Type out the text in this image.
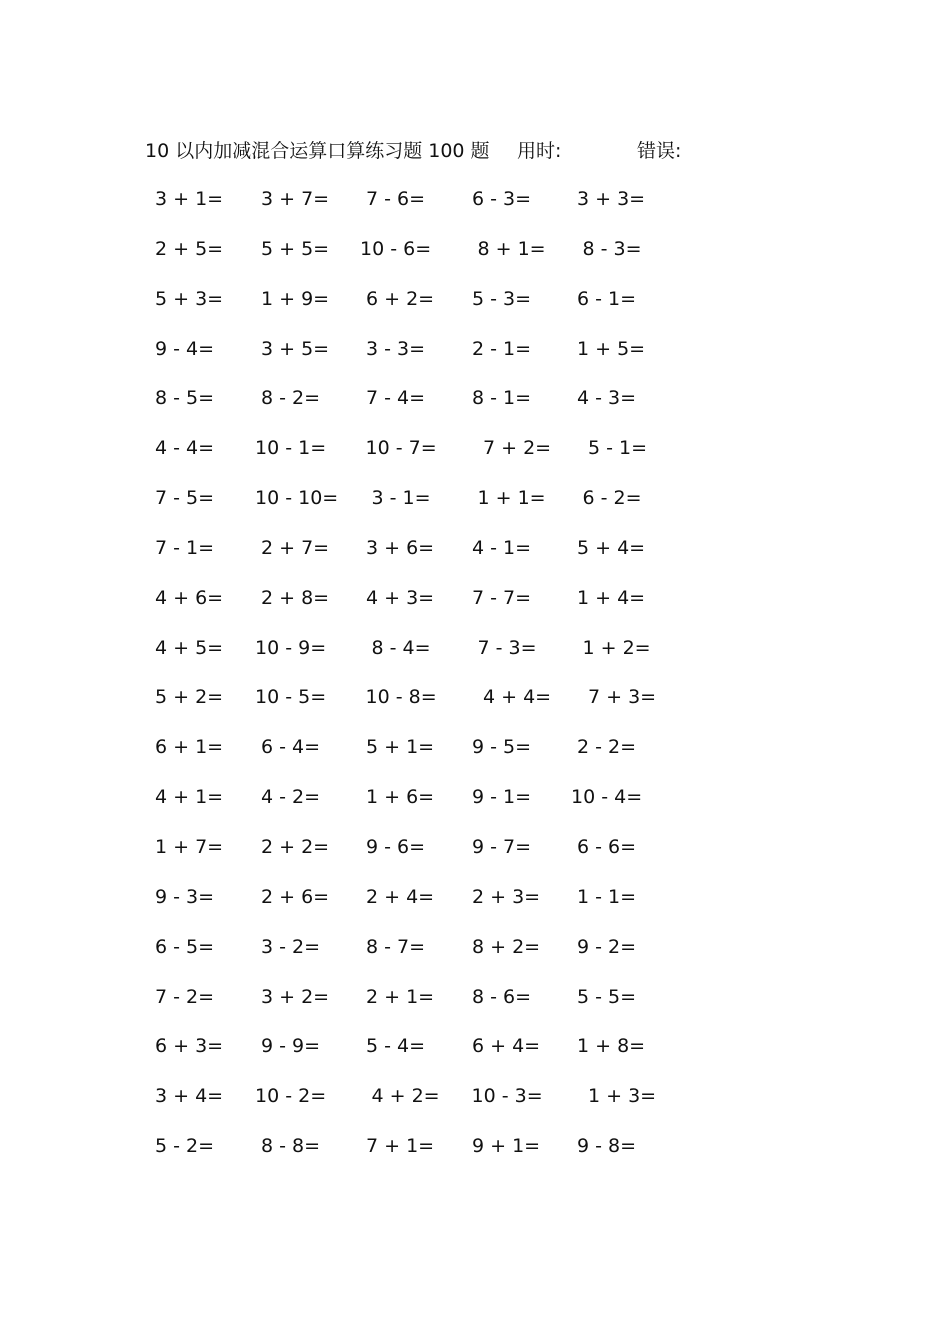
10 以内加减混合运算口算练习题 100 题 用时:	错误:
3 + 1= 3 + 7= 7 - 6= 6 - 3= 3 + 3=
2 + 5= 5 + 5= 10 - 6= 8 + 1= 8 - 3=
5 + 3= 1 + 9= 6 + 2= 5 - 3= 6 - 1=
9 - 4= 3 + 5= 3 - 3= 2 - 1= 1 + 5=
8 - 5= 8 - 2= 7 - 4= 8 - 1= 4 - 3=
4 - 4= 10 - 1= 10 - 7= 7 + 2= 5 - 1=
7 - 5= 10 - 10= 3 - 1= 1 + 1= 6 - 2=
7 - 1= 2 + 7= 3 + 6= 4 - 1= 5 + 4=
4 + 6= 2 + 8= 4 + 3= 7 - 7= 1 + 4=
4 + 5= 10 - 9= 8 - 4= 7 - 3= 1 + 2=
5 + 2= 10 - 5= 10 - 8= 4 + 4= 7 + 3=
6 + 1= 6 - 4= 5 + 1= 9 - 5= 2 - 2=
4 + 1= 4 - 2= 1 + 6= 9 - 1= 10 - 4=
1 + 7= 2 + 2= 9 - 6= 9 - 7= 6 - 6=
9 - 3= 2 + 6= 2 + 4= 2 + 3= 1 - 1=
6 - 5= 3 - 2= 8 - 7= 8 + 2= 9 - 2=
7 - 2= 3 + 2= 2 + 1= 8 - 6= 5 - 5=
6 + 3= 9 - 9= 5 - 4= 6 + 4= 1 + 8=
3 + 4= 10 - 2= 4 + 2= 10 - 3= 1 + 3=
5 - 2= 8 - 8= 7 + 1= 9 + 1= 9 - 8=
